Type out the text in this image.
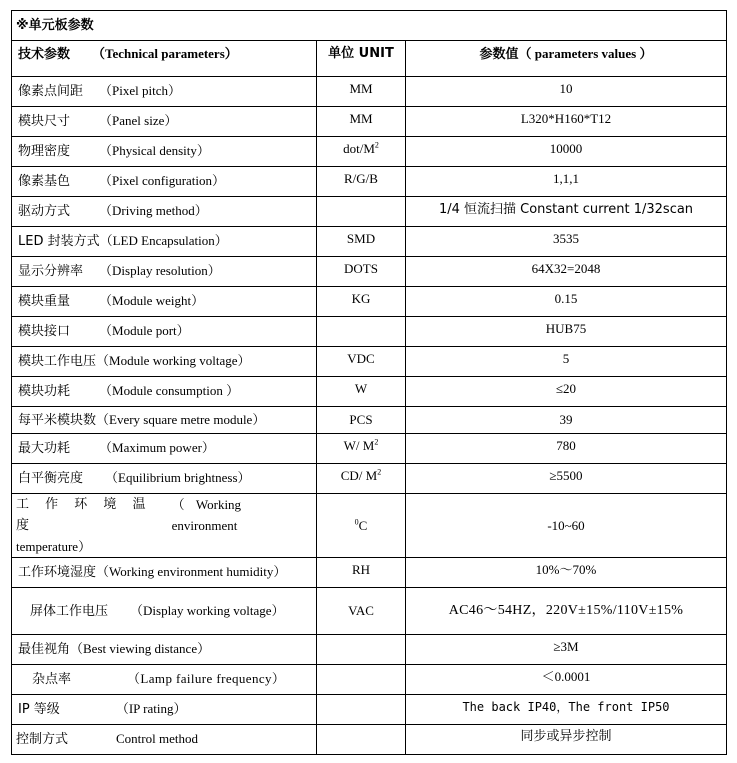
※单元板参数		
技术参数 （Technical parameters）	单位 UNIT	参数值（ parameters values ）
像素点间距 （Pixel pitch）	MM	10
模块尺寸 （Panel size）	MM	L320*H160*T12
物理密度 （Physical density）	dot/$M^2$	10000
像素基色 （Pixel configuration）	R/G/B	1,1,1
驱动方式 （Driving method）		1/4 恒流扫描 Constant current 1/32scan
LED 封装方式（LED Encapsulation）	SMD	3535
显示分辨率 （Display resolution）	DOTS	64X32=2048
模块重量 （Module weight）	KG	0.15
模块接口 （Module port）		HUB75
模块工作电压（Module working voltage）	VDC	5
模块功耗 （Module consumption ）	W	≤20
每平米模块数（Every square metre module）	PCS	39
最大功耗 （Maximum power）	W/ $M^2$	780
白平衡亮度 （Equilibrium brightness）	CD/ $M^2$	≥5500

工 作 环 境 温 度
（ Working environment
temperature）	$^0$C	-10~60
工作环境湿度（Working environment humidity）	RH	10%～70%
屏体工作电压 （Display working voltage）	VAC	AC46～54HZ，220V±15%/110V±15%
最佳视角（Best viewing distance）		≥3M
杂点率 （Lamp failure frequency）		＜0.0001
IP 等级 （IP rating）		The back IP40，The front IP50
控制方式 Control method		同步或异步控制
